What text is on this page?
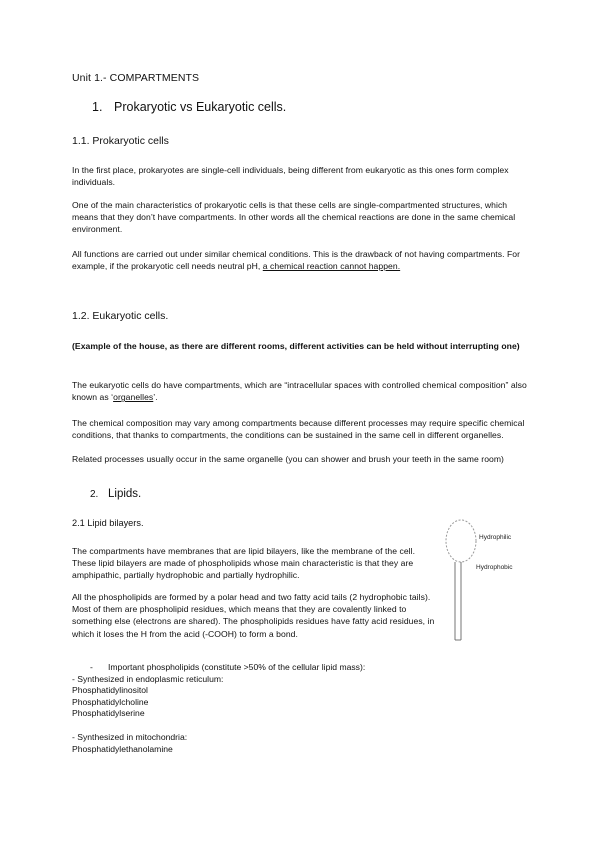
Unit 1.- COMPARTMENTS

1. Prokaryotic vs Eukaryotic cells.

1.1. Prokaryotic cells

In the first place, prokaryotes are single-cell individuals, being different from eukaryotic as this ones form complex individuals.

One of the main characteristics of prokaryotic cells is that these cells are single-compartmented structures, which means that they don’t have compartments. In other words all the chemical reactions are done in the same chemical environment.

All functions are carried out under similar chemical conditions. This is the drawback of not having compartments. For example, if the prokaryotic cell needs neutral pH, a chemical reaction cannot happen.

1.2. Eukaryotic cells.

(Example of the house, as there are different rooms, different activities can be held without interrupting one)

The eukaryotic cells do have compartments, which are “intracellular spaces with controlled chemical composition” also known as ‘organelles’.

The chemical composition may vary among compartments because different processes may require specific chemical conditions, that thanks to compartments, the conditions can be sustained in the same cell in different organelles.

Related processes usually occur in the same organelle (you can shower and brush your teeth in the same room)

2. Lipids.

2.1 Lipid bilayers.

The compartments have membranes that are lipid bilayers, like the membrane of the cell. These lipid bilayers are made of phospholipids whose main characteristic is that they are amphipathic, partially hydrophobic and partially hydrophilic.

All the phospholipids are formed by a polar head and two fatty acid tails (2 hydrophobic tails). Most of them are phospholipid residues, which means that they are covalently linked to something else (electrons are shared). The phospholipids residues have fatty acid residues, in which it loses the H from the acid (-COOH) to form a bond.

Hydrophilic
Hydrophobic
- Important phospholipids (constitute >50% of the cellular lipid mass):
- Synthesized in endoplasmic reticulum:
Phosphatidylinositol
Phosphatidylcholine
Phosphatidylserine
- Synthesized in mitochondria:
Phosphatidylethanolamine
